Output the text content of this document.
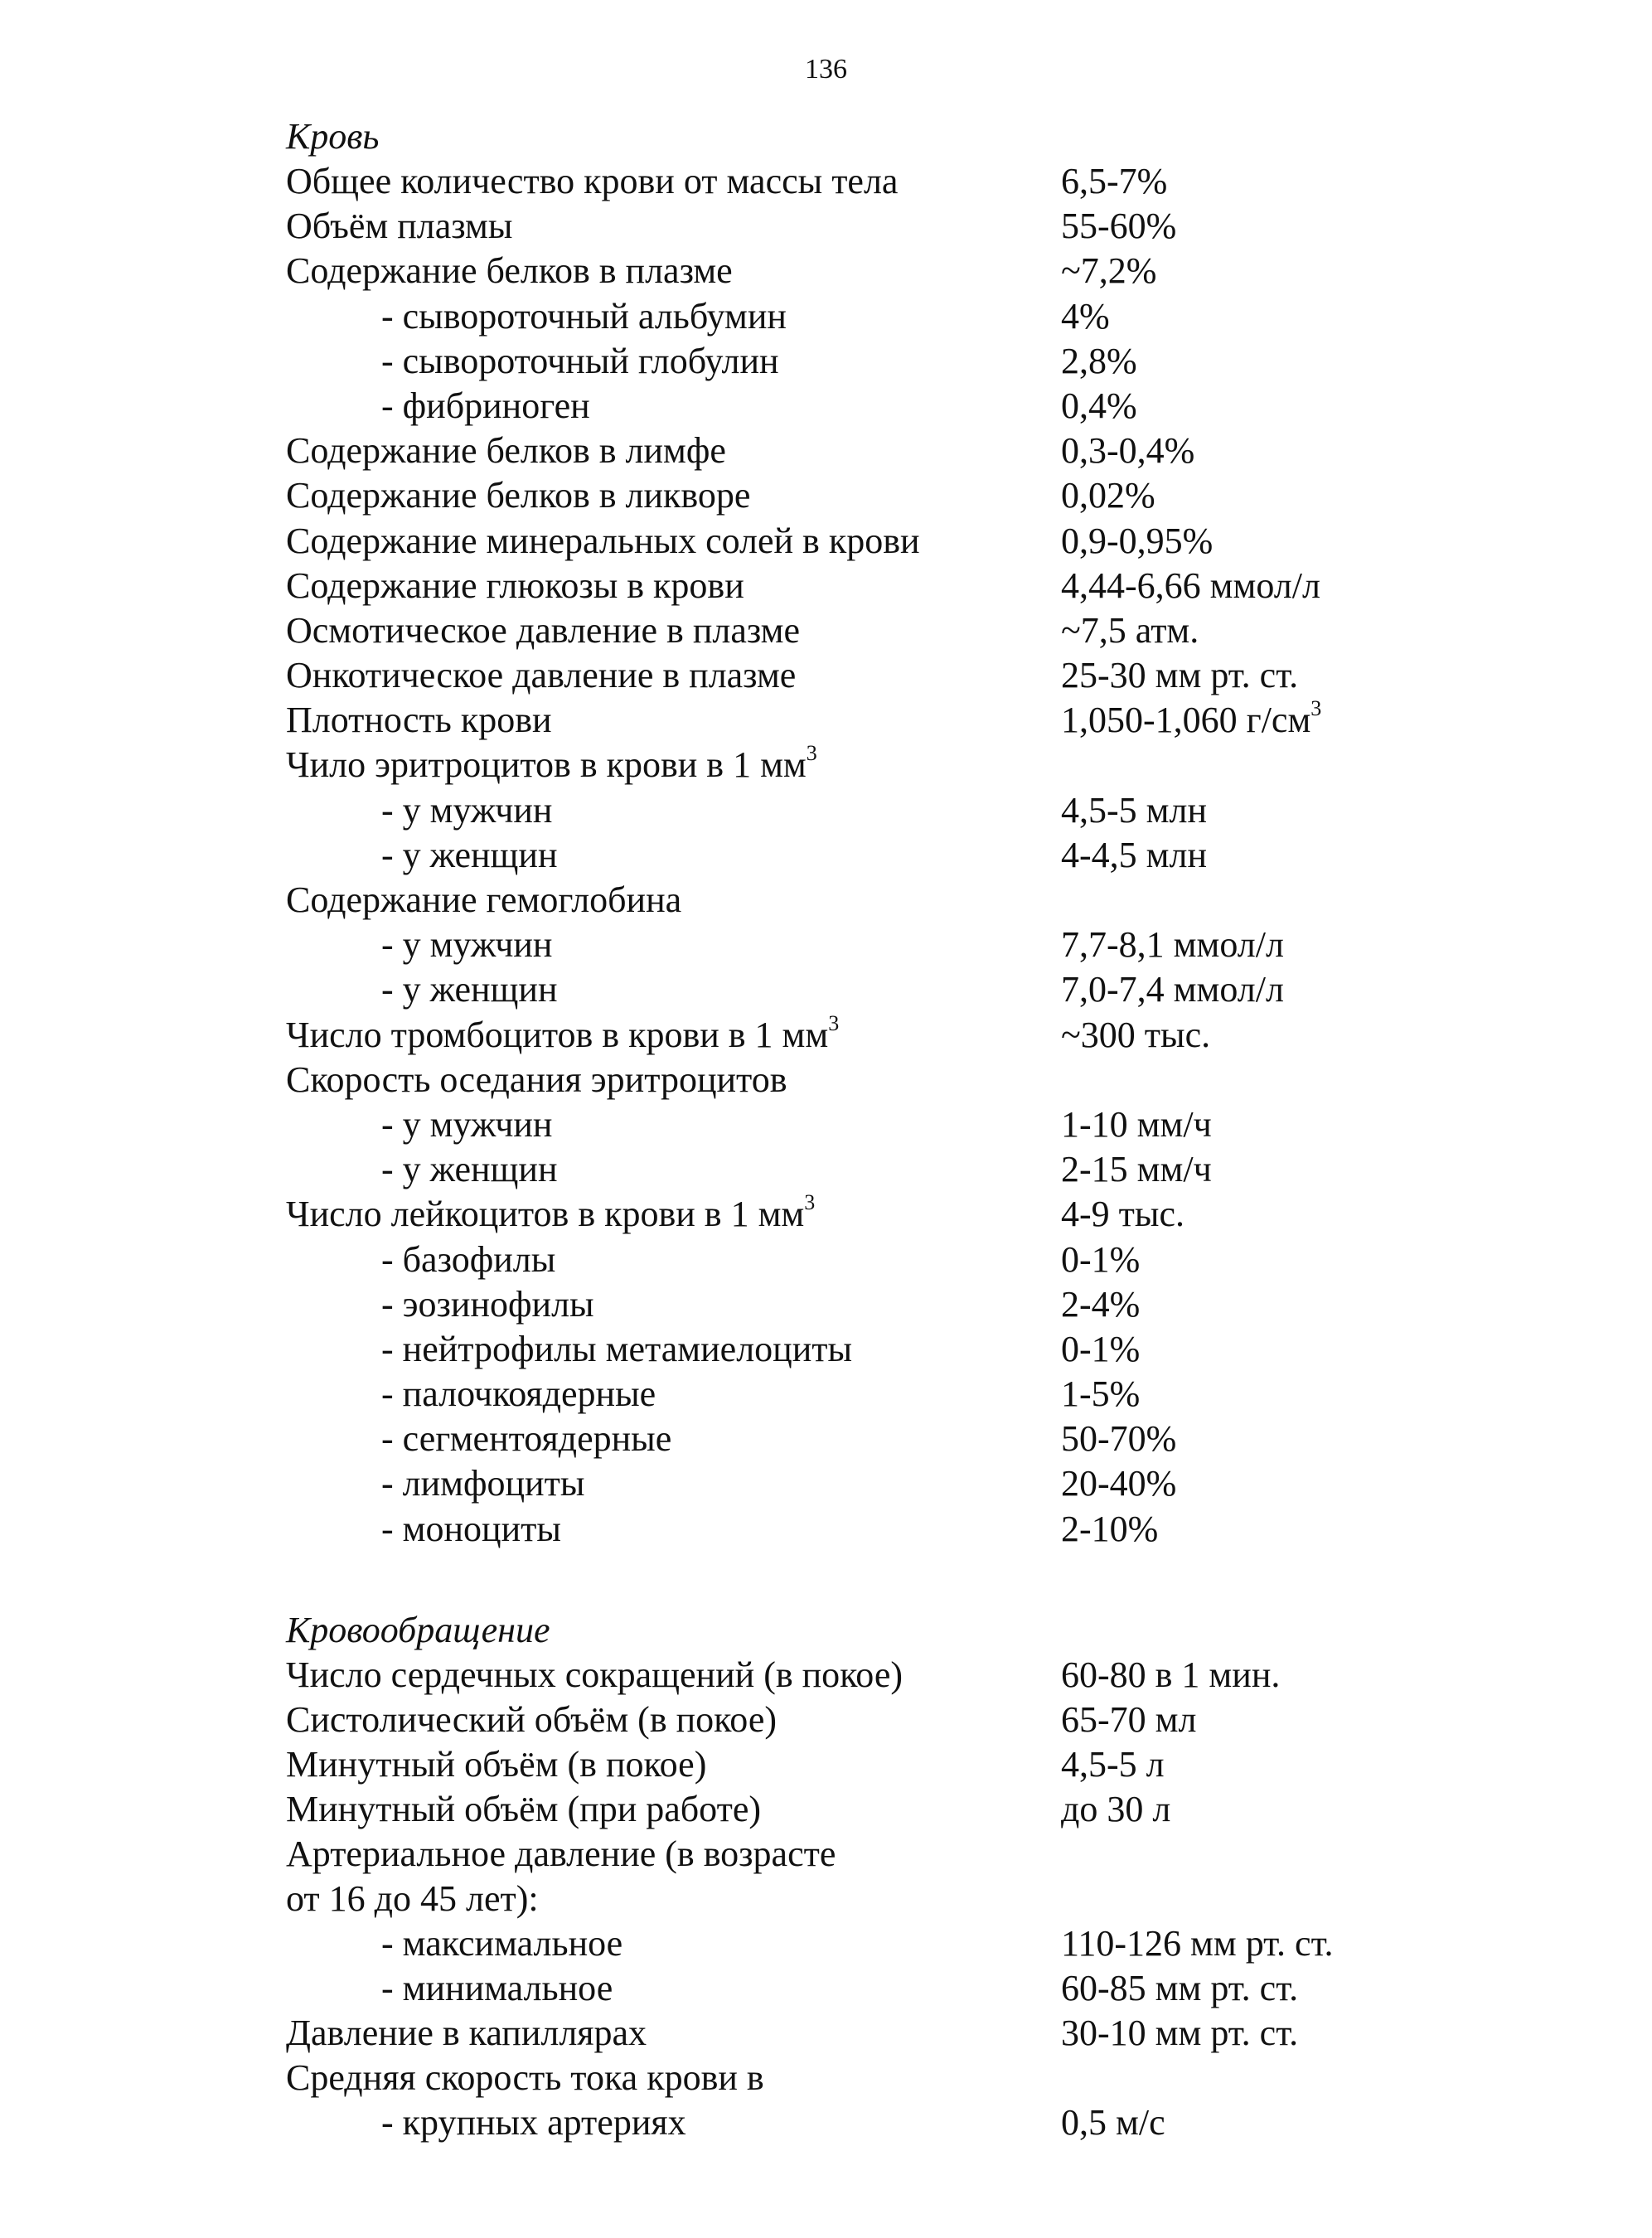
136
Кровь
Общее количество крови от массы тела	6,5-7%
Объём плазмы	55-60%
Содержание белков в плазме	~7,2%
- сывороточный альбумин	4%
- сывороточный глобулин	2,8%
- фибриноген	0,4%
Содержание белков в лимфе	0,3-0,4%
Содержание белков в ликворе	0,02%
Содержание минеральных солей в крови	0,9-0,95%
Содержание глюкозы в крови	4,44-6,66 ммол/л
Осмотическое давление в плазме	~7,5 атм.
Онкотическое давление в плазме	25-30 мм рт. ст.
Плотность крови	1,050-1,060 $г/см^3$
Чило эритроцитов в крови в 1 $мм^3$
- у мужчин	4,5-5 млн
- у женщин	4-4,5 млн
Содержание гемоглобина
- у мужчин	7,7-8,1 ммол/л
- у женщин	7,0-7,4 ммол/л
Число тромбоцитов в крови в 1 $мм^3$	~300 тыс.
Скорость оседания эритроцитов
- у мужчин	1-10 мм/ч
- у женщин	2-15 мм/ч
Число лейкоцитов в крови в 1 $мм^3$	4-9 тыс.
- базофилы	0-1%
- эозинофилы	2-4%
- нейтрофилы метамиелоциты	0-1%
- палочкоядерные	1-5%
- сегментоядерные	50-70%
- лимфоциты	20-40%
- моноциты	2-10%
Кровообращение
Число сердечных сокращений (в покое)	60-80 в 1 мин.
Систолический объём (в покое)	65-70 мл
Минутный объём (в покое)	4,5-5 л
Минутный объём (при работе)	до 30 л
Артериальное давление (в возрасте
от 16 до 45 лет):
- максимальное	110-126 мм рт. ст.
- минимальное	60-85 мм рт. ст.
Давление в капиллярах	30-10 мм рт. ст.
Средняя скорость тока крови в
- крупных артериях	0,5 м/с
